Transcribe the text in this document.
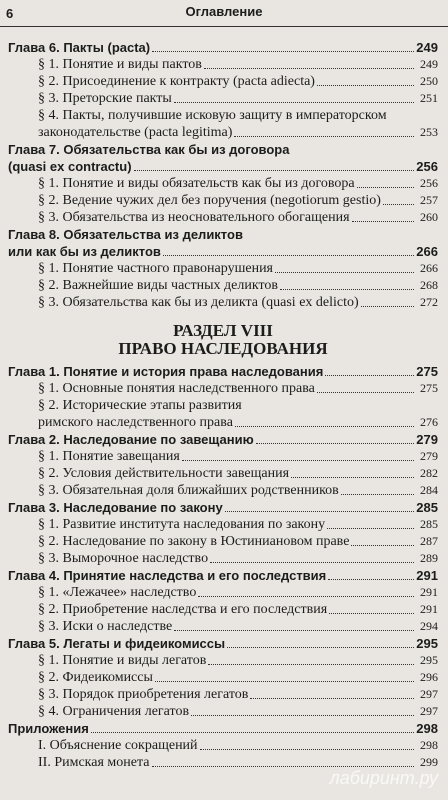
6	Оглавление
Глава 6. Пакты (pacta)	249
§ 1. Понятие и виды пактов	249
§ 2. Присоединение к контракту (pacta adiecta)	250
§ 3. Преторские пакты	251
§ 4. Пакты, получившие исковую защиту в императорском
законодательстве (pacta legitima)	253
Глава 7. Обязательства как бы из договора
(quasi ex contractu)	256
§ 1. Понятие и виды обязательств как бы из договора	256
§ 2. Ведение чужих дел без поручения (negotiorum gestio)	257
§ 3. Обязательства из неосновательного обогащения	260
Глава 8. Обязательства из деликтов
или как бы из деликтов	266
§ 1. Понятие частного правонарушения	266
§ 2. Важнейшие виды частных деликтов	268
§ 3. Обязательства как бы из деликта (quasi ex delicto)	272
РАЗДЕЛ VIII
ПРАВО НАСЛЕДОВАНИЯ
Глава 1. Понятие и история права наследования	275
§ 1. Основные понятия наследственного права	275
§ 2. Исторические этапы развития
римского наследственного права	276
Глава 2. Наследование по завещанию	279
§ 1. Понятие завещания	279
§ 2. Условия действительности завещания	282
§ 3. Обязательная доля ближайших родственников	284
Глава 3. Наследование по закону	285
§ 1. Развитие института наследования по закону	285
§ 2. Наследование по закону в Юстиниановом праве	287
§ 3. Выморочное наследство	289
Глава 4. Принятие наследства и его последствия	291
§ 1. «Лежачее» наследство	291
§ 2. Приобретение наследства и его последствия	291
§ 3. Иски о наследстве	294
Глава 5. Легаты и фидеикомиссы	295
§ 1. Понятие и виды легатов	295
§ 2. Фидеикомиссы	296
§ 3. Порядок приобретения легатов	297
§ 4. Ограничения легатов	297
Приложения	298
I. Объяснение сокращений	298
II. Римская монета	299
лабиринт.ру
